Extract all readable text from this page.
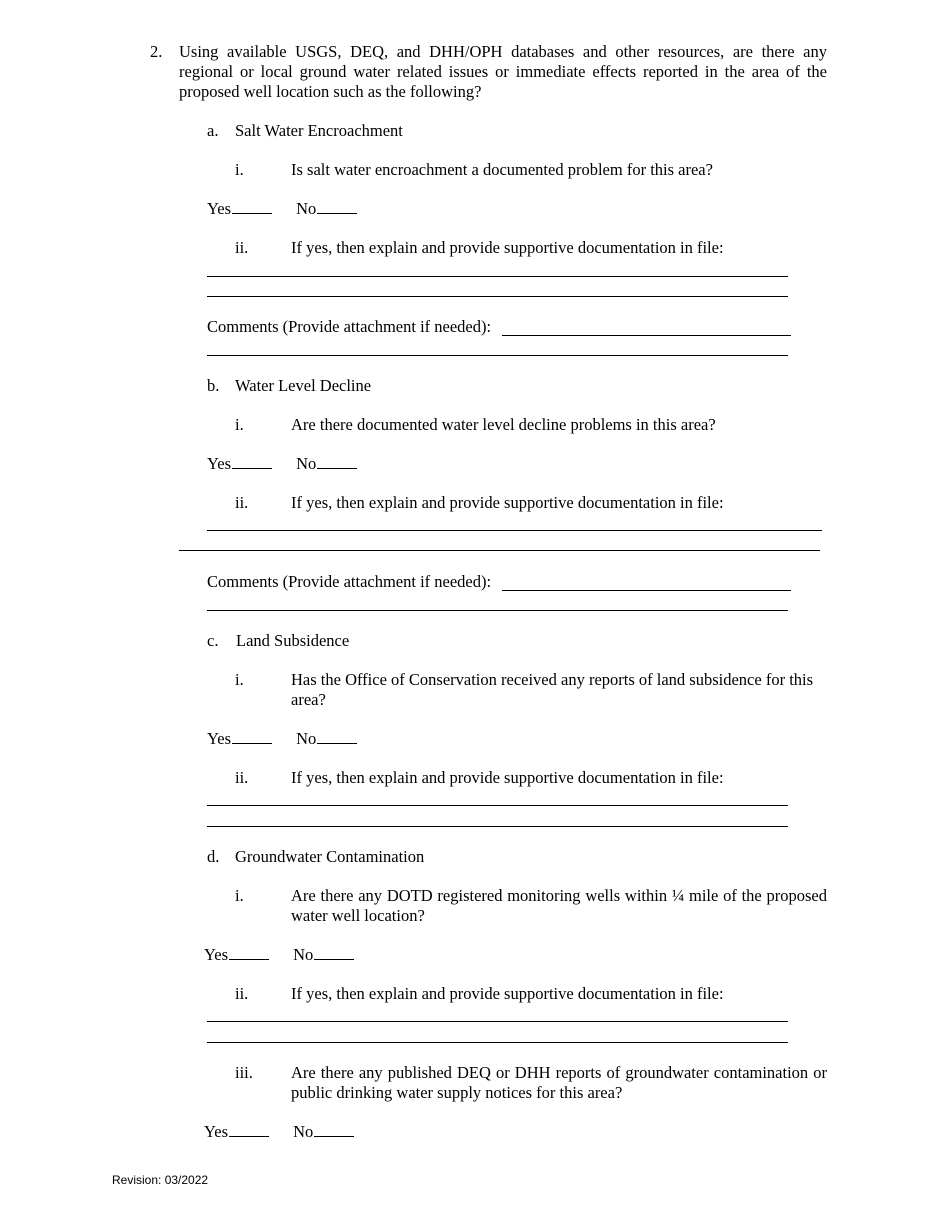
2. Using available USGS, DEQ, and DHH/OPH databases and other resources, are there any regional or local ground water related issues or immediate effects reported in the area of the proposed well location such as the following?
a. Salt Water Encroachment
i.	Is salt water encroachment a documented problem for this area?
Yes	No
ii.	If yes, then explain and provide supportive documentation in file:
Comments (Provide attachment if needed):
b. Water Level Decline
i.	Are there documented water level decline problems in this area?
Yes	No
ii.	If yes, then explain and provide supportive documentation in file:
Comments (Provide attachment if needed):
c. Land Subsidence
i.	Has the Office of Conservation received any reports of land subsidence for this area?
Yes	No
ii.	If yes, then explain and provide supportive documentation in file:
d. Groundwater Contamination
i.	Are there any DOTD registered monitoring wells within ¼ mile of the proposed water well location?
Yes	No
ii.	If yes, then explain and provide supportive documentation in file:
iii. Are there any published DEQ or DHH reports of groundwater contamination or public drinking water supply notices for this area?
Yes	No
Revision: 03/2022
